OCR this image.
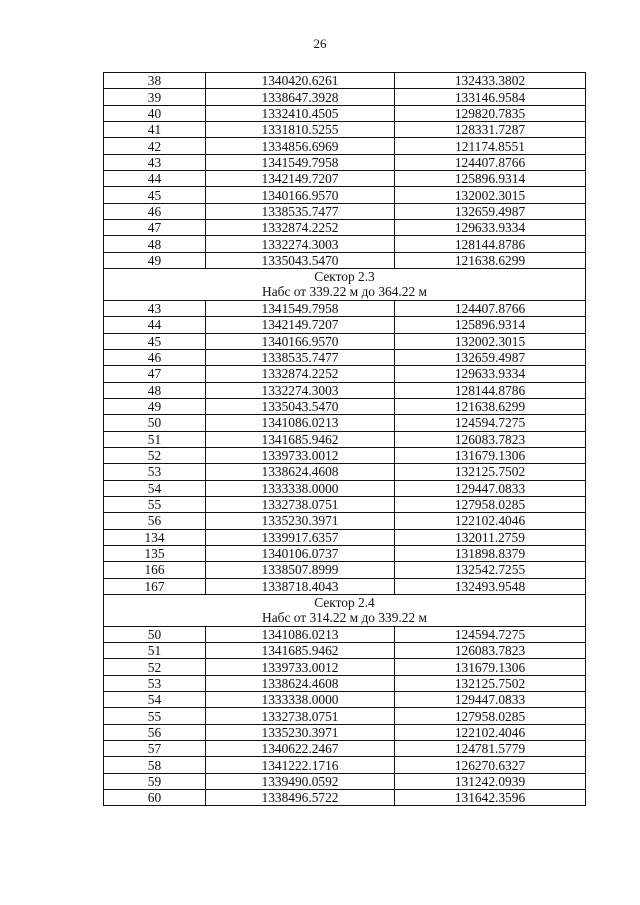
26
38	1340420.6261	132433.3802
39	1338647.3928	133146.9584
40	1332410.4505	129820.7835
41	1331810.5255	128331.7287
42	1334856.6969	121174.8551
43	1341549.7958	124407.8766
44	1342149.7207	125896.9314
45	1340166.9570	132002.3015
46	1338535.7477	132659.4987
47	1332874.2252	129633.9334
48	1332274.3003	128144.8786
49	1335043.5470	121638.6299

Сектор 2.3
Набс от 339.22 м до 364.22 м		

43	1341549.7958	124407.8766
44	1342149.7207	125896.9314
45	1340166.9570	132002.3015
46	1338535.7477	132659.4987
47	1332874.2252	129633.9334
48	1332274.3003	128144.8786
49	1335043.5470	121638.6299
50	1341086.0213	124594.7275
51	1341685.9462	126083.7823
52	1339733.0012	131679.1306
53	1338624.4608	132125.7502
54	1333338.0000	129447.0833
55	1332738.0751	127958.0285
56	1335230.3971	122102.4046
134	1339917.6357	132011.2759
135	1340106.0737	131898.8379
166	1338507.8999	132542.7255
167	1338718.4043	132493.9548

Сектор 2.4
Набс от 314.22 м до 339.22 м		

50	1341086.0213	124594.7275
51	1341685.9462	126083.7823
52	1339733.0012	131679.1306
53	1338624.4608	132125.7502
54	1333338.0000	129447.0833
55	1332738.0751	127958.0285
56	1335230.3971	122102.4046
57	1340622.2467	124781.5779
58	1341222.1716	126270.6327
59	1339490.0592	131242.0939
60	1338496.5722	131642.3596
